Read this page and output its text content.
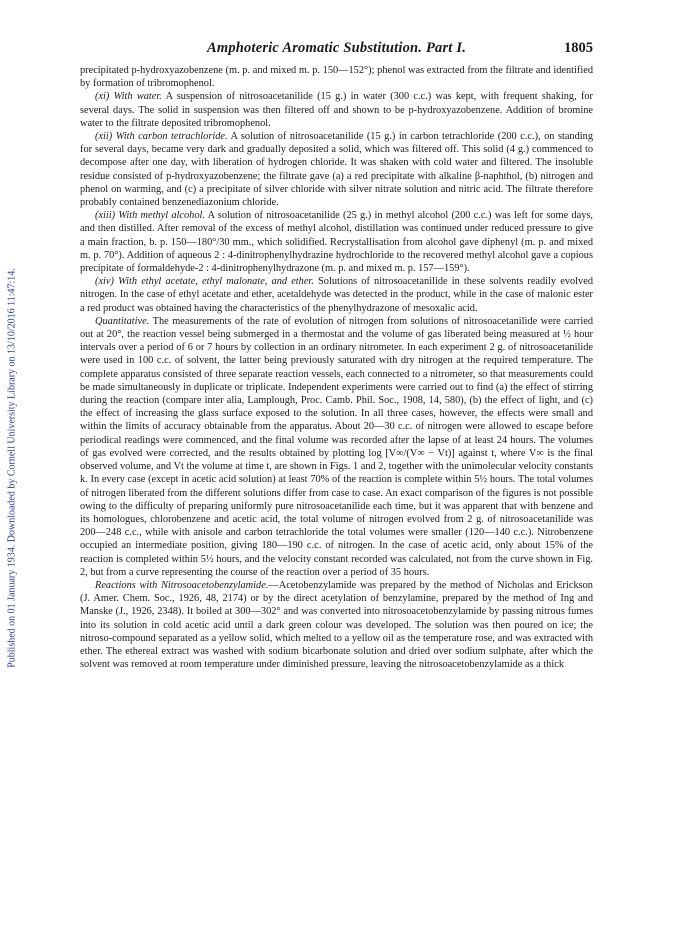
Published on 01 January 1934. Downloaded by Cornell University Library on 13/10/2016 11:47:14.
Amphoteric Aromatic Substitution. Part I.	1805

precipitated p-hydroxyazobenzene (m. p. and mixed m. p. 150—152°); phenol was extracted from the filtrate and identified by formation of tribromophenol.

(xi) With water. A suspension of nitrosoacetanilide (15 g.) in water (300 c.c.) was kept, with frequent shaking, for several days. The solid in suspension was then filtered off and shown to be p-hydroxyazobenzene. Addition of bromine water to the filtrate deposited tribromophenol.

(xii) With carbon tetrachloride. A solution of nitrosoacetanilide (15 g.) in carbon tetrachloride (200 c.c.), on standing for several days, became very dark and gradually deposited a solid, which was filtered off. This solid (4 g.) commenced to decompose after one day, with liberation of hydrogen chloride. It was shaken with cold water and filtered. The insoluble residue consisted of p-hydroxyazobenzene; the filtrate gave (a) a red precipitate with alkaline β-naphthol, (b) nitrogen and phenol on warming, and (c) a precipitate of silver chloride with silver nitrate solution and nitric acid. The filtrate therefore probably contained benzenediazonium chloride.

(xiii) With methyl alcohol. A solution of nitrosoacetanilide (25 g.) in methyl alcohol (200 c.c.) was left for some days, and then distilled. After removal of the excess of methyl alcohol, distillation was continued under reduced pressure to give a main fraction, b. p. 150—180°/30 mm., which solidified. Recrystallisation from alcohol gave diphenyl (m. p. and mixed m. p. 70°). Addition of aqueous 2 : 4-dinitrophenylhydrazine hydrochloride to the recovered methyl alcohol gave a copious precipitate of formaldehyde-2 : 4-dinitrophenylhydrazone (m. p. and mixed m. p. 157—159°).

(xiv) With ethyl acetate, ethyl malonate, and ether. Solutions of nitrosoacetanilide in these solvents readily evolved nitrogen. In the case of ethyl acetate and ether, acetaldehyde was detected in the product, while in the case of malonic ester a red product was obtained having the characteristics of the phenylhydrazone of mesoxalic acid.

Quantitative. The measurements of the rate of evolution of nitrogen from solutions of nitrosoacetanilide were carried out at 20°, the reaction vessel being submerged in a thermostat and the volume of gas liberated being measured at ½ hour intervals over a period of 6 or 7 hours by collection in an ordinary nitrometer. In each experiment 2 g. of nitrosoacetanilide were used in 100 c.c. of solvent, the latter being previously saturated with dry nitrogen at the required temperature. The complete apparatus consisted of three separate reaction vessels, each connected to a nitrometer, so that measurements could be made simultaneously in duplicate or triplicate. Independent experiments were carried out to find (a) the effect of stirring during the reaction (compare inter alia, Lamplough, Proc. Camb. Phil. Soc., 1908, 14, 580), (b) the effect of light, and (c) the effect of increasing the glass surface exposed to the solution. In all three cases, however, the effects were small and within the limits of accuracy obtainable from the apparatus. About 20—30 c.c. of nitrogen were allowed to escape before periodical readings were commenced, and the final volume was recorded after the lapse of at least 24 hours. The volumes of gas evolved were corrected, and the results obtained by plotting log [V∞/(V∞ − Vt)] against t, where V∞ is the final observed volume, and Vt the volume at time t, are shown in Figs. 1 and 2, together with the unimolecular velocity constants k. In every case (except in acetic acid solution) at least 70% of the reaction is complete within 5½ hours. The total volumes of nitrogen liberated from the different solutions differ from case to case. An exact comparison of the figures is not possible owing to the difficulty of preparing uniformly pure nitrosoacetanilide each time, but it was apparent that with benzene and its homologues, chlorobenzene and acetic acid, the total volume of nitrogen evolved from 2 g. of nitrosoacetanilide was 200—248 c.c., while with anisole and carbon tetrachloride the total volumes were smaller (120—140 c.c.). Nitrobenzene occupied an intermediate position, giving 180—190 c.c. of nitrogen. In the case of acetic acid, only about 15% of the reaction is completed within 5½ hours, and the velocity constant recorded was calculated, not from the curve shown in Fig. 2, but from a curve representing the course of the reaction over a period of 35 hours.

Reactions with Nitrosoacetobenzylamide.—Acetobenzylamide was prepared by the method of Nicholas and Erickson (J. Amer. Chem. Soc., 1926, 48, 2174) or by the direct acetylation of benzylamine, prepared by the method of Ing and Manske (J., 1926, 2348). It boiled at 300—302° and was converted into nitrosoacetobenzylamide by passing nitrous fumes into its solution in cold acetic acid until a dark green colour was developed. The solution was then poured on ice; the nitroso-compound separated as a yellow solid, which melted to a yellow oil as the temperature rose, and was extracted with ether. The ethereal extract was washed with sodium bicarbonate solution and dried over sodium sulphate, after which the solvent was removed at room temperature under diminished pressure, leaving the nitrosoacetobenzylamide as a thick
